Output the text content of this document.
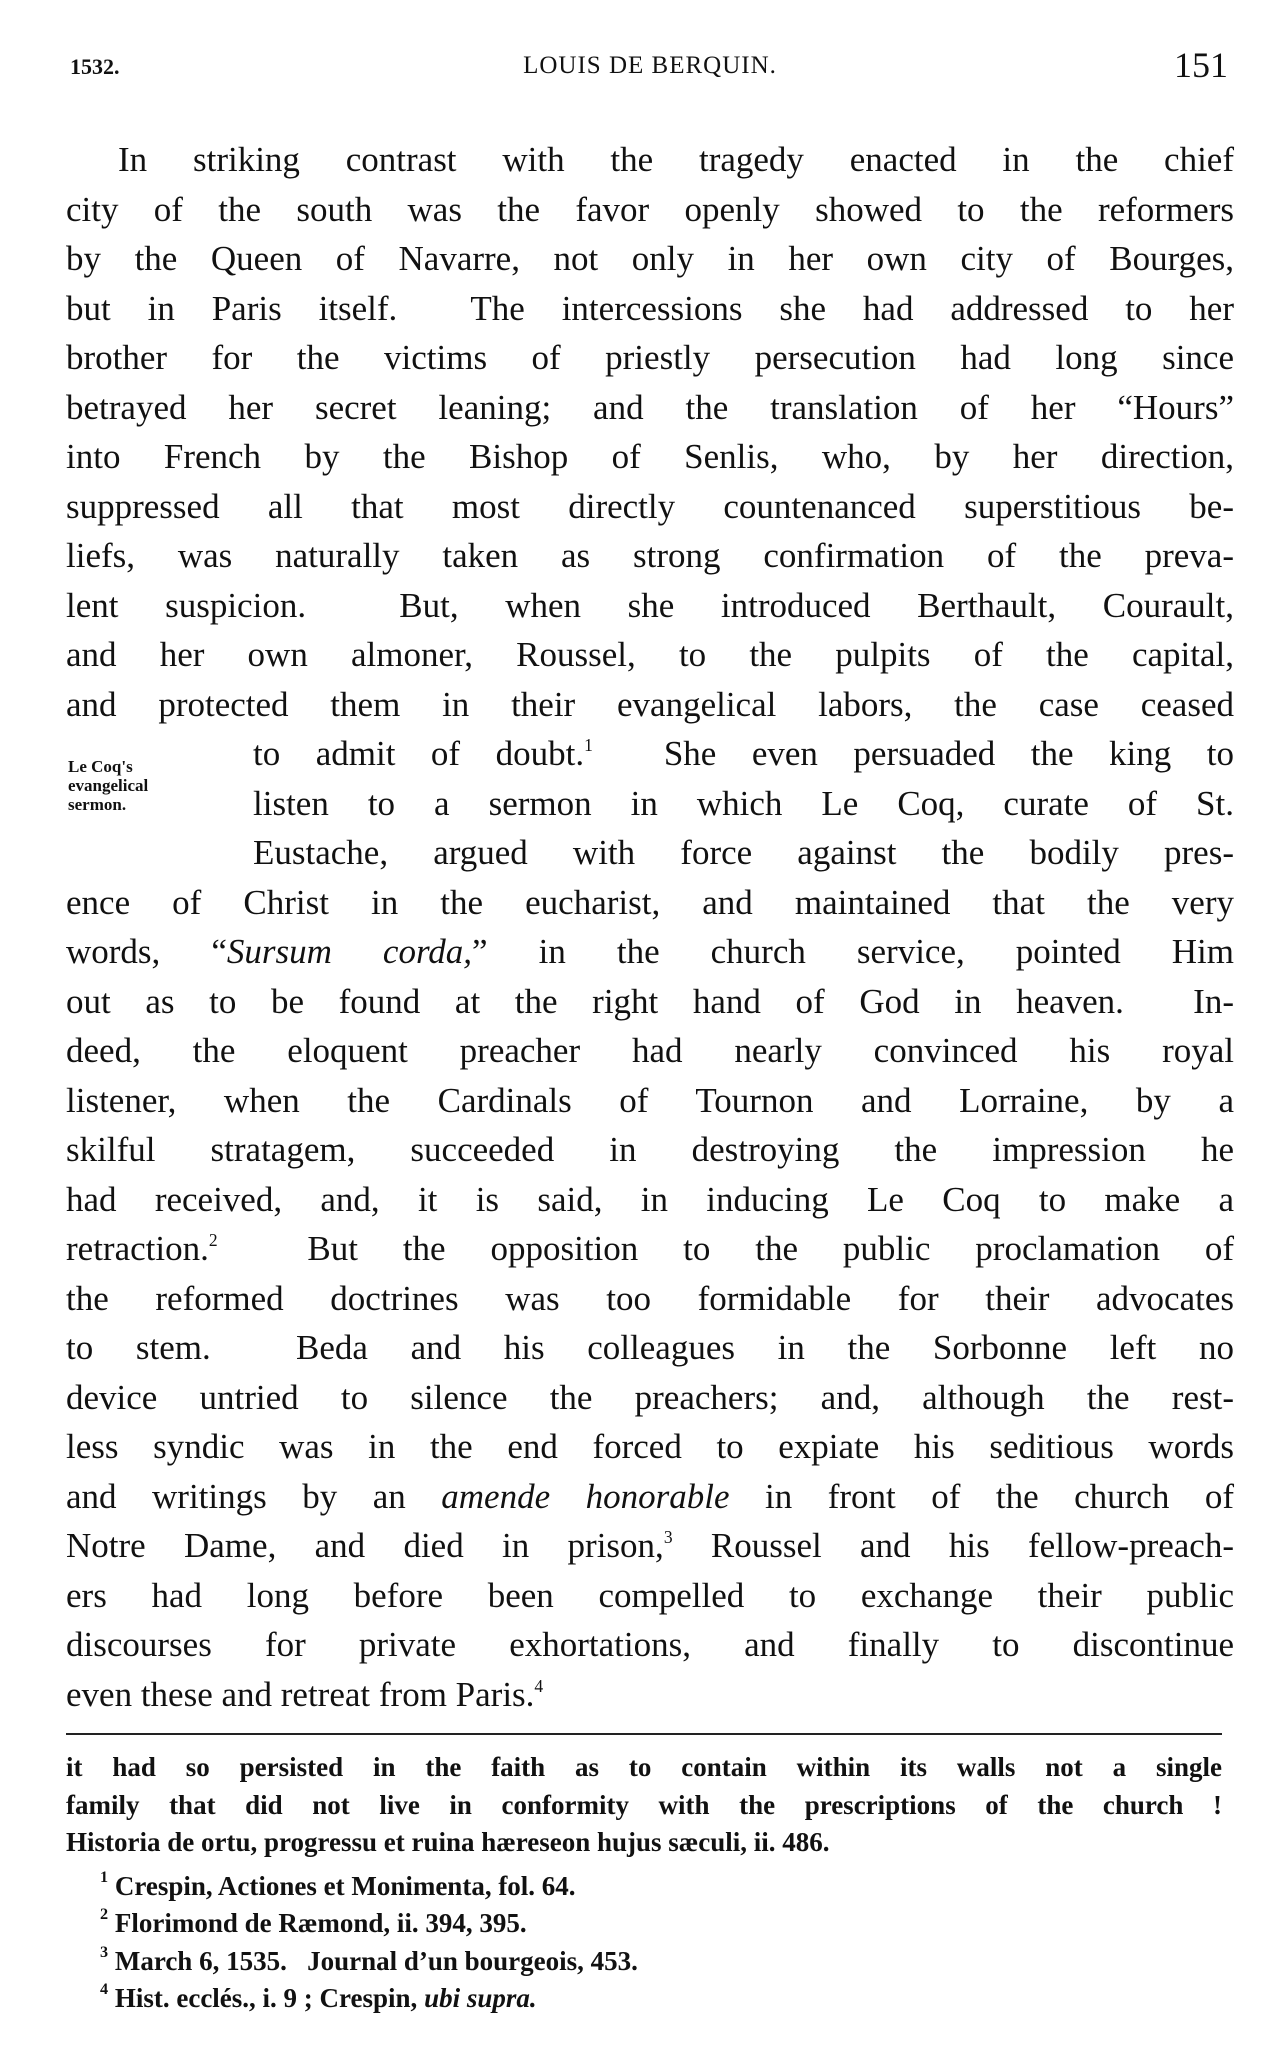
1532.	LOUIS DE BERQUIN.	151
In striking contrast with the tragedy enacted in the chief
city of the south was the favor openly showed to the reformers
by the Queen of Navarre, not only in her own city of Bourges,
but in Paris itself.  The intercessions she had addressed to her
brother for the victims of priestly persecution had long since
betrayed her secret leaning; and the translation of her “Hours”
into French by the Bishop of Senlis, who, by her direction,
suppressed all that most directly countenanced superstitious be-
liefs, was naturally taken as strong confirmation of the preva-
lent suspicion.  But, when she introduced Berthault, Courault,
and her own almoner, Roussel, to the pulpits of the capital,
and protected them in their evangelical labors, the case ceased
to admit of doubt.$^1$  She even persuaded the king to
listen to a sermon in which Le Coq, curate of St.
Eustache, argued with force against the bodily pres-
ence of Christ in the eucharist, and maintained that the very
words, “Sursum corda,” in the church service, pointed Him
out as to be found at the right hand of God in heaven.  In-
deed, the eloquent preacher had nearly convinced his royal
listener, when the Cardinals of Tournon and Lorraine, by a
skilful stratagem, succeeded in destroying the impression he
had received, and, it is said, in inducing Le Coq to make a
retraction.$^2$  But the opposition to the public proclamation of
the reformed doctrines was too formidable for their advocates
to stem.  Beda and his colleagues in the Sorbonne left no
device untried to silence the preachers; and, although the rest-
less syndic was in the end forced to expiate his seditious words
and writings by an amende honorable in front of the church of
Notre Dame, and died in prison,$^3$ Roussel and his fellow-preach-
ers had long before been compelled to exchange their public
discourses for private exhortations, and finally to discontinue
even these and retreat from Paris.$^4$
Le Coq's
evangelical
sermon.
it had so persisted in the faith as to contain within its walls not a single
family that did not live in conformity with the prescriptions of the church !
Historia de ortu, progressu et ruina hæreseon hujus sæculi, ii. 486.
$^1$ Crespin, Actiones et Monimenta, fol. 64.
$^2$ Florimond de Ræmond, ii. 394, 395.
$^3$ March 6, 1535.   Journal d’un bourgeois, 453.
$^4$ Hist. ecclés., i. 9 ; Crespin, ubi supra.
